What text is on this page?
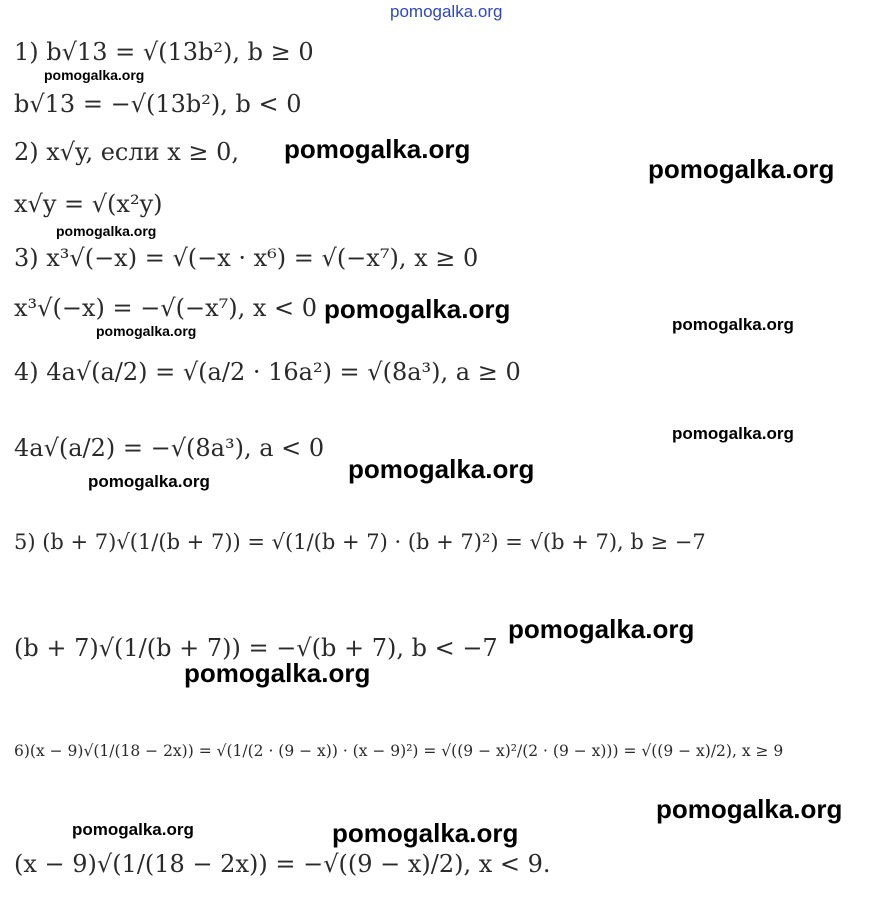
pomogalka.org
1) b√13 = √(13b²), b ≥ 0
b√13 = −√(13b²), b < 0
2) x√y, если x ≥ 0,
x√y = √(x²y)
3) x³√(−x) = √(−x · x⁶) = √(−x⁷), x ≥ 0
x³√(−x) = −√(−x⁷), x < 0
4) 4a√(a/2) = √(a/2 · 16a²) = √(8a³), a ≥ 0
4a√(a/2) = −√(8a³), a < 0
5) (b + 7)√(1/(b + 7)) = √(1/(b + 7) · (b + 7)²) = √(b + 7), b ≥ −7
(b + 7)√(1/(b + 7)) = −√(b + 7), b < −7
6)(x − 9)√(1/(18 − 2x)) = √(1/(2 · (9 − x)) · (x − 9)²) = √((9 − x)²/(2 · (9 − x))) = √((9 − x)/2), x ≥ 9
(x − 9)√(1/(18 − 2x)) = −√((9 − x)/2), x < 9.
pomogalka.org
pomogalka.org
pomogalka.org
pomogalka.org
pomogalka.org
pomogalka.org
pomogalka.org
pomogalka.org
pomogalka.org
pomogalka.org
pomogalka.org
pomogalka.org
pomogalka.org
pomogalka.org	pomogalka.org
